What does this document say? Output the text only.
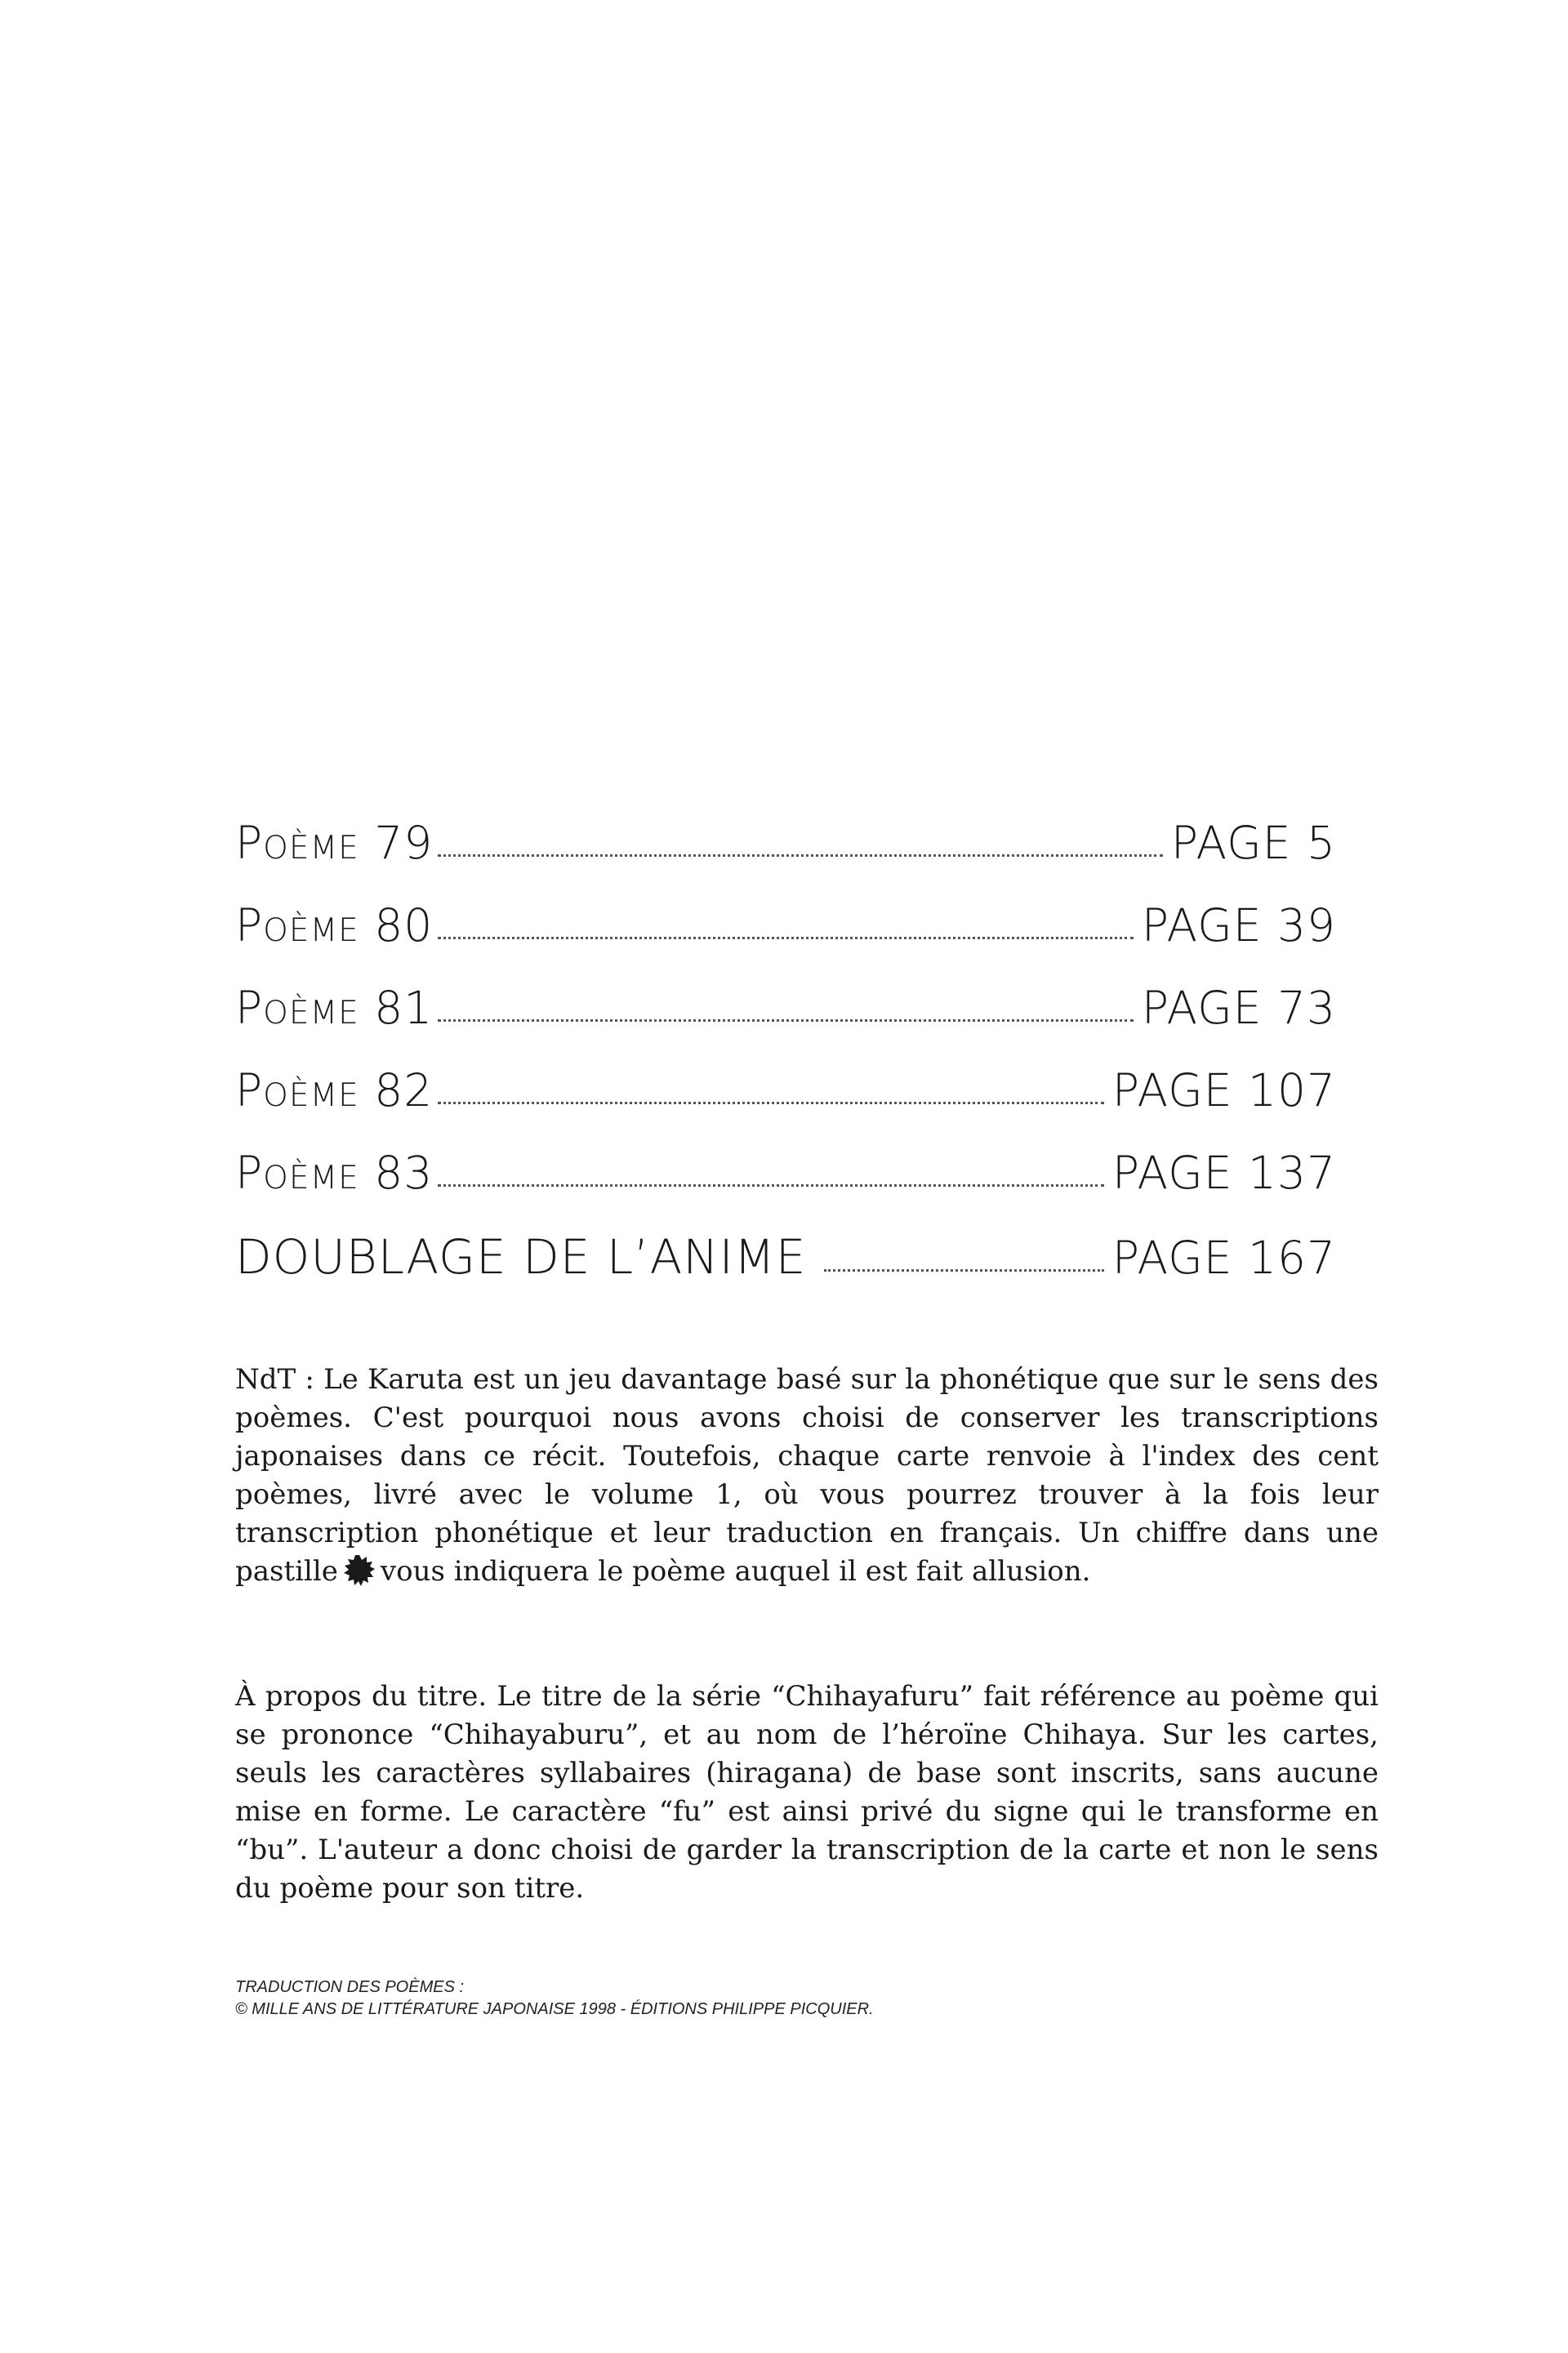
Poème 79	PAGE 5
Poème 80	PAGE 39
Poème 81	PAGE 73
Poème 82	PAGE 107
Poème 83	PAGE 137
DOUBLAGE DE L’ANIME	PAGE 167
NdT : Le Karuta est un jeu davantage basé sur la phonétique que sur le sens des poèmes. C'est pourquoi nous avons choisi de conserver les transcriptions japonaises dans ce récit. Toutefois, chaque carte renvoie à l'index des cent poèmes, livré avec le volume 1, où vous pourrez trouver à la fois leur transcription phonétique et leur traduction en français. Un chiffre dans une pastille vous indiquera le poème auquel il est fait allusion.
À propos du titre. Le titre de la série “Chihayafuru” fait référence au poème qui se prononce “Chihayaburu”, et au nom de l’héroïne Chihaya. Sur les cartes, seuls les caractères syllabaires (hiragana) de base sont inscrits, sans aucune mise en forme. Le caractère “fu” est ainsi privé du signe qui le transforme en “bu”. L'auteur a donc choisi de garder la transcription de la carte et non le sens du poème pour son titre.
TRADUCTION DES POÈMES :
© MILLE ANS DE LITTÉRATURE JAPONAISE 1998 - ÉDITIONS PHILIPPE PICQUIER.
